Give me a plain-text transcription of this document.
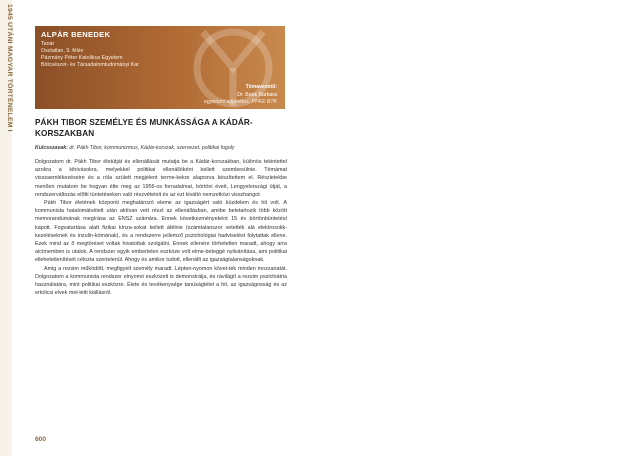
1945 UTÁNI MAGYAR TÖRTÉNELEM I	ALPÁR BENEDEK
Tanár
Osztatlan, 9. félév
Pázmány Péter Katolikus Egyetem
Bölcsészet- és Társadalomtudományi Kar
Témavezető:
Dr. Bank Barbara
egyetemi adjunktus, PPKE BTK
PÁKH TIBOR SZEMÉLYE ÉS MUNKÁSSÁGA A KÁDÁR-KORSZAKBAN
Kulcsszavak: dr. Pákh Tibor, kommunizmus, Kádár-korszak, szervezet, politikai fogoly

Dolgozatom dr. Pákh Tibor életútját és ellenállását mutatja be a Kádár-korszakban, különös tekintettel azokra a kihívásokra, melyekkel politikai ellenállóként kellett szembesülnie. Témámat visszaemlékezéseire és a róla születt megjelent terme-kekre alapozva készítettem el. Részletekbe menően mutatom be hogyan élte meg az 1956-os forradalmat, börtöni éveit, Lengyelországi útját, a rendszerváltozás előtti tüntetéseken való részvételeit és az ezt kiváltó nemzetközi visszhangot.

Pákh Tibor életének központi meghatározó eleme az igazságért való küzdelem és hit volt. A kommunista hatalomátvételt után aktívan vett részt az ellenállásban, amibe beletartozik több között memorandumának megírása az ENSZ számára. Ennek következményeként 15 év börtönbüntetést kapott. Fogvatartása alatt fizikai kínza-sokat kellett átélnie (számtalanszor vetették alá elektrosokk-kezeléseknek és inzulin-kómának), és a rendszerre jellemző pszichológiai hadviselést folytattak ellene. Ezek mind az ő megtöréset voltak hivatottak szolgálni. Ennek ellenére törhetetlen maradt, ahogy arra alcímemben is utalok. A rendszer egyik embertelen eszköze volt elme-beteggé nyilvánítása, ami politikai ellehetetlenítését célozta szertelenül. Ahogy és amikor tudott, ellenállt az igazságtalanságoknak.

Amig a rezsim működött, megfigyelt személy maradt. Lépten-nyomon követ-ték minden mozzanatát. Dolgozatom a kommunista rendszer elnyomó eszközeit is demonstrálja, és rávilágít a rezsim pszichiátria használatára, mint politikai eszközre. Élete és tevékenysége tanúságtétel a hit, az igazságosság és az erkölcsi elvek mel-letti kiállásról.

600
